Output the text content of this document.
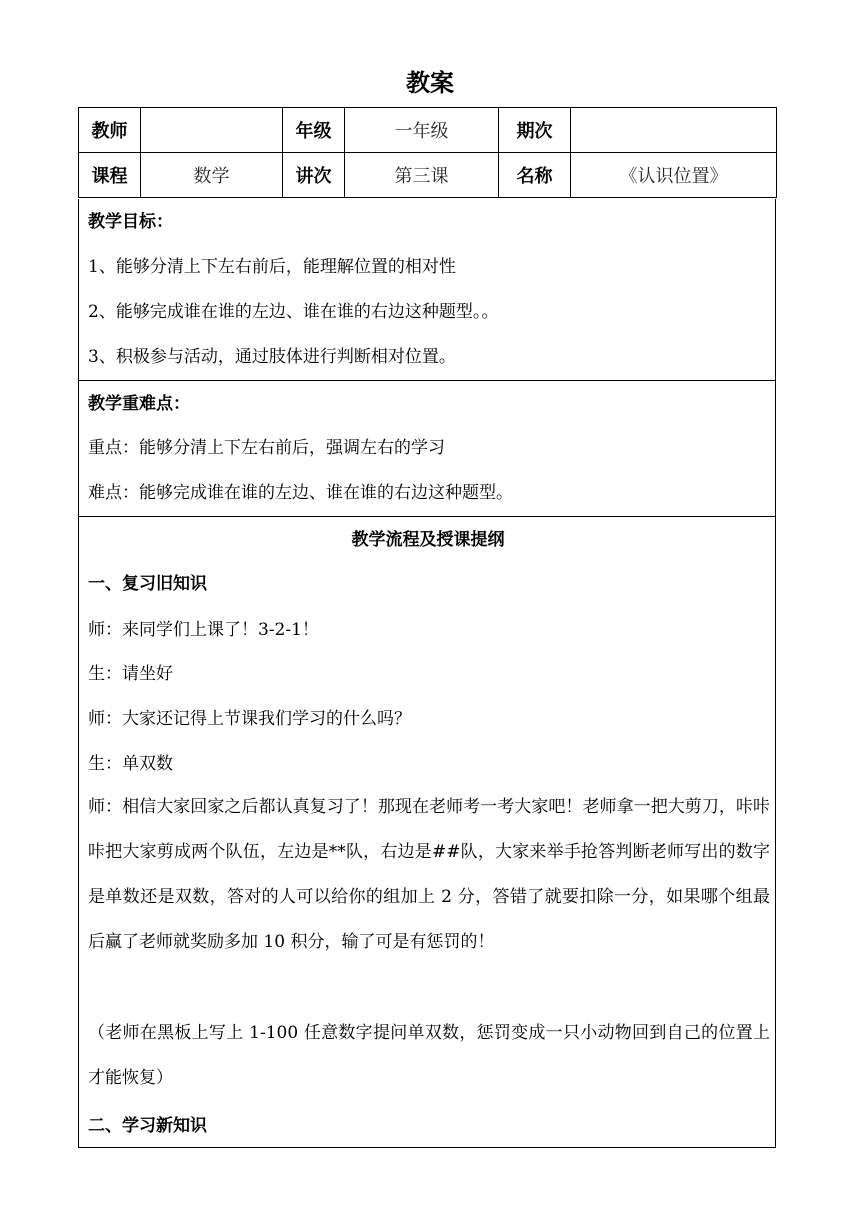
教案
教师		年级	一年级	期次	
课程	数学	讲次	第三课	名称	《认识位置》
教学目标：
1、能够分清上下左右前后，能理解位置的相对性
2、能够完成谁在谁的左边、谁在谁的右边这种题型。。
3、积极参与活动，通过肢体进行判断相对位置。
教学重难点：
重点：能够分清上下左右前后，强调左右的学习
难点：能够完成谁在谁的左边、谁在谁的右边这种题型。
教学流程及授课提纲
一、复习旧知识
师：来同学们上课了！3-2-1！
生：请坐好
师：大家还记得上节课我们学习的什么吗？
生：单双数
师：相信大家回家之后都认真复习了！那现在老师考一考大家吧！老师拿一把大剪刀，咔咔咔把大家剪成两个队伍，左边是**队，右边是##队，大家来举手抢答判断老师写出的数字是单数还是双数，答对的人可以给你的组加上 2 分，答错了就要扣除一分，如果哪个组最后赢了老师就奖励多加 10 积分，输了可是有惩罚的！
（老师在黑板上写上 1-100 任意数字提问单双数，惩罚变成一只小动物回到自己的位置上才能恢复）
二、学习新知识
